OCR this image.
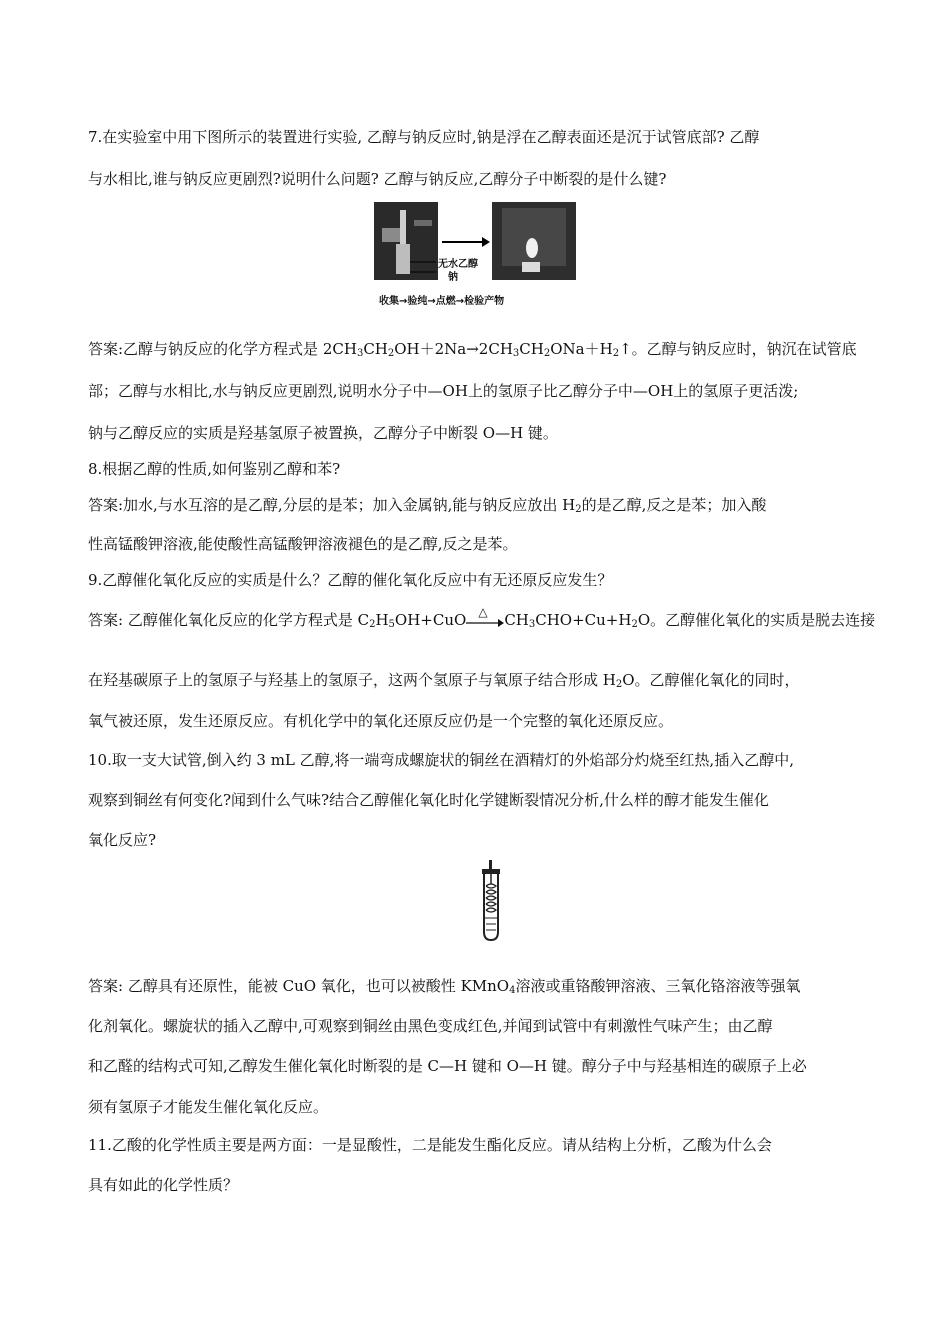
7.在实验室中用下图所示的装置进行实验, 乙醇与钠反应时,钠是浮在乙醇表面还是沉于试管底部? 乙醇
与水相比,谁与钠反应更剧烈?说明什么问题? 乙醇与钠反应,乙醇分子中断裂的是什么键?
无水乙醇
钠
收集→验纯→点燃→检验产物
答案:乙醇与钠反应的化学方程式是 $2CH_3CH_2OH+2Na\to 2CH_3CH_2ONa+H_2↑$。乙醇与钠反应时，钠沉在试管底
部；乙醇与水相比,水与钠反应更剧烈,说明水分子中—OH上的氢原子比乙醇分子中—OH上的氢原子更活泼;
钠与乙醇反应的实质是羟基氢原子被置换，乙醇分子中断裂 O—H 键。
8.根据乙醇的性质,如何鉴别乙醇和苯?
答案:加水,与水互溶的是乙醇,分层的是苯；加入金属钠,能与钠反应放出 $H_2$的是乙醇,反之是苯；加入酸
性高锰酸钾溶液,能使酸性高锰酸钾溶液褪色的是乙醇,反之是苯。
9.乙醇催化氧化反应的实质是什么？乙醇的催化氧化反应中有无还原反应发生？
答案: 乙醇催化氧化反应的化学方程式是 $C_2H_5OH+CuO$ △ $CH_3CHO+Cu+H_2O$。乙醇催化氧化的实质是脱去连接
在羟基碳原子上的氢原子与羟基上的氢原子，这两个氢原子与氧原子结合形成 $H_2O$。乙醇催化氧化的同时，
氧气被还原，发生还原反应。有机化学中的氧化还原反应仍是一个完整的氧化还原反应。
10.取一支大试管,倒入约 3 mL 乙醇,将一端弯成螺旋状的铜丝在酒精灯的外焰部分灼烧至红热,插入乙醇中,
观察到铜丝有何变化?闻到什么气味?结合乙醇催化氧化时化学键断裂情况分析,什么样的醇才能发生催化
氧化反应?
答案: 乙醇具有还原性，能被 CuO 氧化，也可以被酸性 KMnO$_4$溶液或重铬酸钾溶液、三氧化铬溶液等强氧
化剂氧化。螺旋状的插入乙醇中,可观察到铜丝由黑色变成红色,并闻到试管中有刺激性气味产生；由乙醇
和乙醛的结构式可知,乙醇发生催化氧化时断裂的是 C—H 键和 O—H 键。醇分子中与羟基相连的碳原子上必
须有氢原子才能发生催化氧化反应。
11.乙酸的化学性质主要是两方面：一是显酸性，二是能发生酯化反应。请从结构上分析，乙酸为什么会
具有如此的化学性质？
